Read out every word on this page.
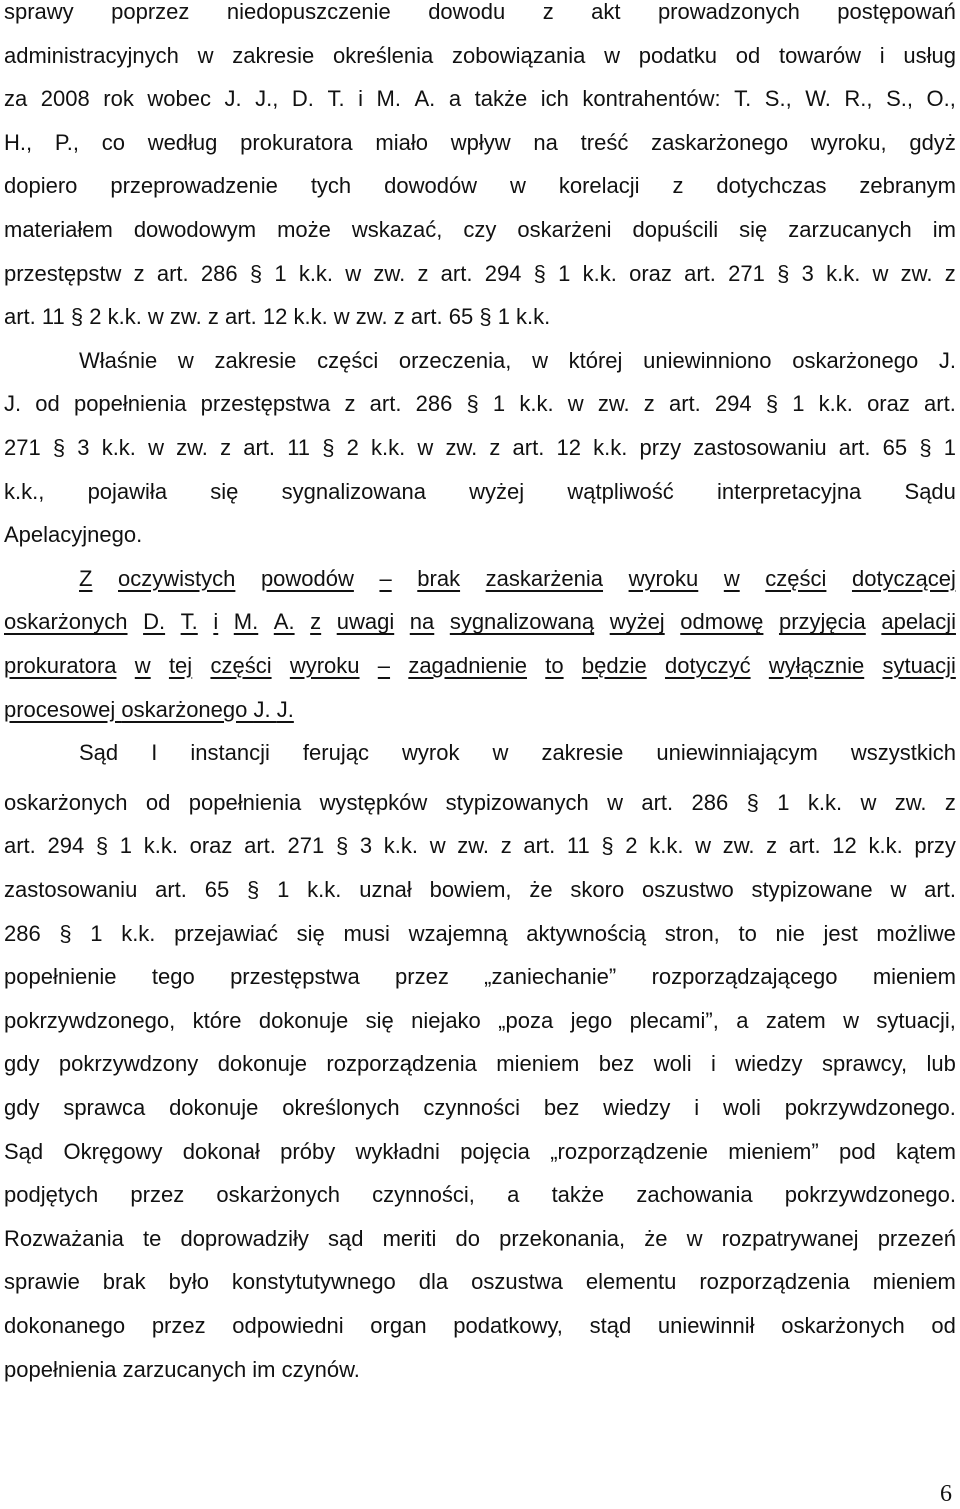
sprawy poprzez niedopuszczenie dowodu z akt prowadzonych postępowań
administracyjnych w zakresie określenia zobowiązania w podatku od towarów i usług
za 2008 rok wobec J. J., D. T. i M. A. a także ich kontrahentów: T. S., W. R., S., O.,
H., P., co według prokuratora miało wpływ na treść zaskarżonego wyroku, gdyż
dopiero przeprowadzenie tych dowodów w korelacji z dotychczas zebranym
materiałem dowodowym może wskazać, czy oskarżeni dopuścili się zarzucanych im
przestępstw z art. 286 § 1 k.k. w zw. z art. 294 § 1 k.k. oraz art. 271 § 3 k.k. w zw. z
art. 11 § 2 k.k. w zw. z art. 12 k.k. w zw. z art. 65 § 1 k.k.
Właśnie w zakresie części orzeczenia, w której uniewinniono oskarżonego J.
J. od popełnienia przestępstwa z art. 286 § 1 k.k. w zw. z art. 294 § 1 k.k. oraz art.
271 § 3 k.k. w zw. z art. 11 § 2 k.k. w zw. z art. 12 k.k. przy zastosowaniu art. 65 § 1
k.k., pojawiła się sygnalizowana wyżej wątpliwość interpretacyjna Sądu
Apelacyjnego.
Z oczywistych powodów – brak zaskarżenia wyroku w części dotyczącej
oskarżonych D. T. i M. A. z uwagi na sygnalizowaną wyżej odmowę przyjęcia apelacji
prokuratora w tej części wyroku – zagadnienie to będzie dotyczyć wyłącznie sytuacji
procesowej oskarżonego J. J.
Sąd I instancji ferując wyrok w zakresie uniewinniającym wszystkich
oskarżonych od popełnienia występków stypizowanych w art. 286 § 1 k.k. w zw. z
art. 294 § 1 k.k. oraz art. 271 § 3 k.k. w zw. z art. 11 § 2 k.k. w zw. z art. 12 k.k. przy
zastosowaniu art. 65 § 1 k.k. uznał bowiem, że skoro oszustwo stypizowane w art.
286 § 1 k.k. przejawiać się musi wzajemną aktywnością stron, to nie jest możliwe
popełnienie tego przestępstwa przez „zaniechanie” rozporządzającego mieniem
pokrzywdzonego, które dokonuje się niejako „poza jego plecami”, a zatem w sytuacji,
gdy pokrzywdzony dokonuje rozporządzenia mieniem bez woli i wiedzy sprawcy, lub
gdy sprawca dokonuje określonych czynności bez wiedzy i woli pokrzywdzonego.
Sąd Okręgowy dokonał próby wykładni pojęcia „rozporządzenie mieniem” pod kątem
podjętych przez oskarżonych czynności, a także zachowania pokrzywdzonego.
Rozważania te doprowadziły sąd meriti do przekonania, że w rozpatrywanej przezeń
sprawie brak było konstytutywnego dla oszustwa elementu rozporządzenia mieniem
dokonanego przez odpowiedni organ podatkowy, stąd uniewinnił oskarżonych od
popełnienia zarzucanych im czynów.
6
